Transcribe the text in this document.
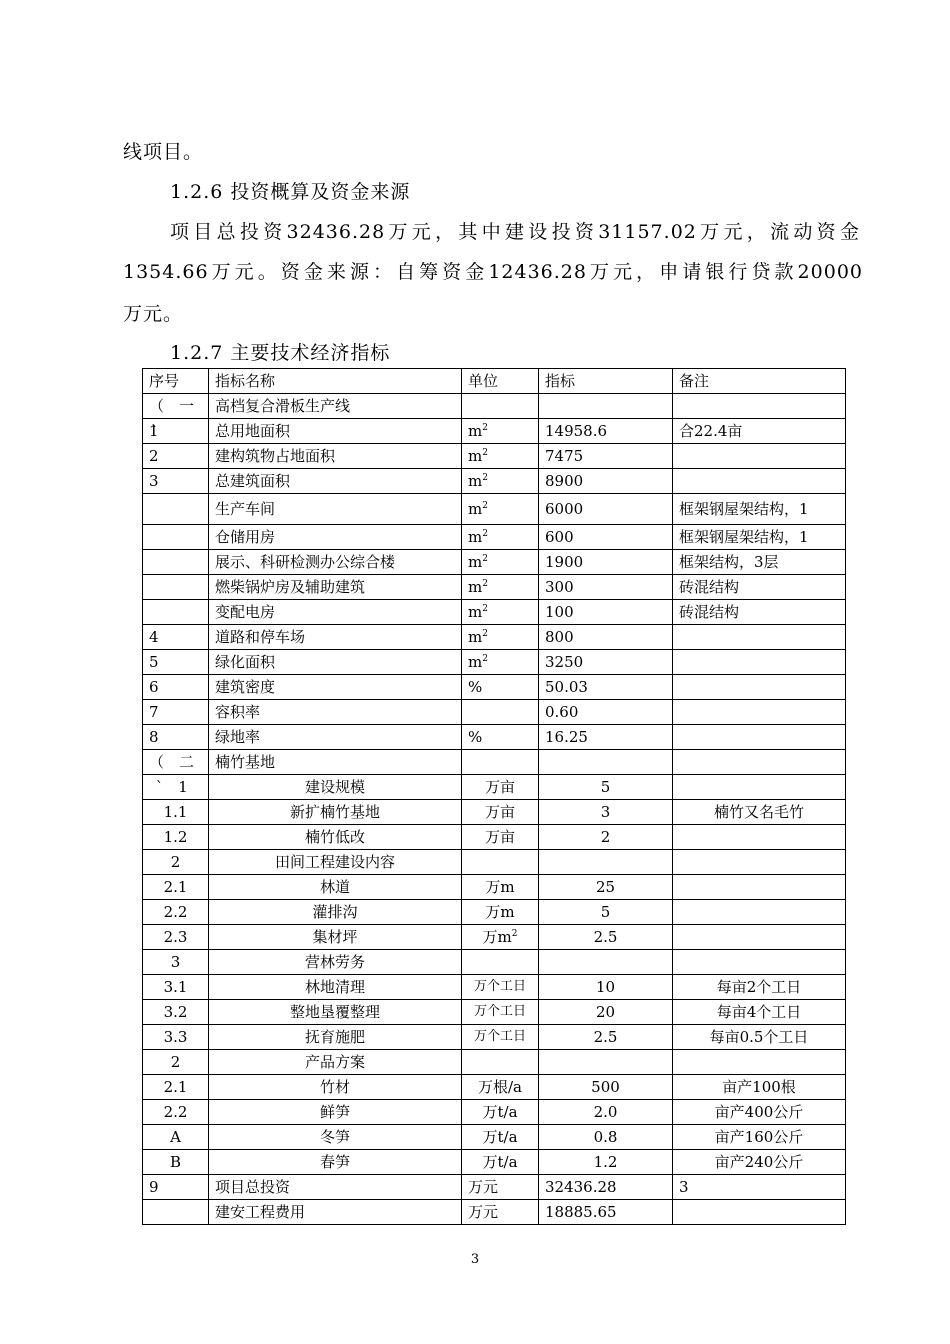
线项目。
1.2.6 投资概算及资金来源
项目总投资32436.28万元，其中建设投资31157.02万元，流动资金
1354.66万元。资金来源：自筹资金12436.28万元，申请银行贷款20000
万元。
1.2.7 主要技术经济指标
序号	指标名称	单位	指标	备注
（　一	高档复合滑板生产线			
1̀	总用地面积	$m^2$	14958.6	合22.4亩
2	建构筑物占地面积	$m^2$	7475	
3	总建筑面积	$m^2$	8900	
	生产车间	$m^2$	6000	框架钢屋架结构，1
	仓储用房	$m^2$	600	框架钢屋架结构，1
	展示、科研检测办公综合楼	$m^2$	1900	框架结构，3层
	燃柴锅炉房及辅助建筑	$m^2$	300	砖混结构
	变配电房	$m^2$	100	砖混结构
4	道路和停车场	$m^2$	800	
5	绿化面积	$m^2$	3250	
6	建筑密度	%	50.03	
7	容积率		0.60	
8	绿地率	%	16.25	
（　二	楠竹基地			
̀　1	建设规模	万亩	5	
1.1	新扩楠竹基地	万亩	3	楠竹又名毛竹
1.2	楠竹低改	万亩	2	
2	田间工程建设内容			
2.1	林道	万m	25	
2.2	灌排沟	万m	5	
2.3	集材坪	万$m^2$	2.5	
3	营林劳务			
3.1	林地清理	万个工日	10	每亩2个工日
3.2	整地垦覆整理	万个工日	20	每亩4个工日
3.3	抚育施肥	万个工日	2.5	每亩0.5个工日
2	产品方案			
2.1	竹材	万根/a	500	亩产100根
2.2	鲜笋	万t/a	2.0	亩产400公斤
A	冬笋	万t/a	0.8	亩产160公斤
B	春笋	万t/a	1.2	亩产240公斤
9	项目总投资	万元	32436.28	3
	建安工程费用	万元	18885.65	
3
